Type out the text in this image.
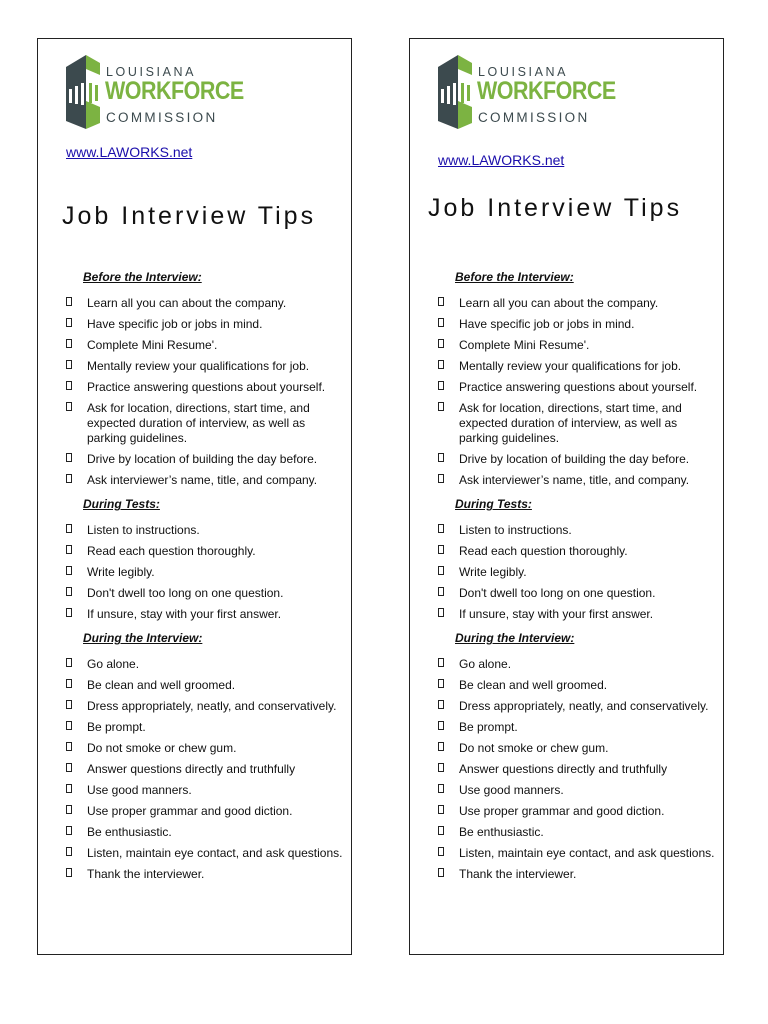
LOUISIANA
WORKFORCE
COMMISSION
www.LAWORKS.net
Job Interview Tips
Before the Interview:
Learn all you can about the company.
Have specific job or jobs in mind.
Complete Mini Resume'.
Mentally review your qualifications for job.
Practice answering questions about yourself.
Ask for location, directions, start time, and expected duration of interview, as well as parking guidelines.
Drive by location of building the day before.
Ask interviewer’s name, title, and company.
During Tests:
Listen to instructions.
Read each question thoroughly.
Write legibly.
Don't dwell too long on one question.
If unsure, stay with your first answer.
During the Interview:
Go alone.
Be clean and well groomed.
Dress appropriately, neatly, and conservatively.
Be prompt.
Do not smoke or chew gum.
Answer questions directly and truthfully
Use good manners.
Use proper grammar and good diction.
Be enthusiastic.
Listen, maintain eye contact, and ask questions.
Thank the interviewer.
LOUISIANA
WORKFORCE
COMMISSION
www.LAWORKS.net
Job Interview Tips
Before the Interview:
Learn all you can about the company.
Have specific job or jobs in mind.
Complete Mini Resume'.
Mentally review your qualifications for job.
Practice answering questions about yourself.
Ask for location, directions, start time, and expected duration of interview, as well as parking guidelines.
Drive by location of building the day before.
Ask interviewer’s name, title, and company.
During Tests:
Listen to instructions.
Read each question thoroughly.
Write legibly.
Don't dwell too long on one question.
If unsure, stay with your first answer.
During the Interview:
Go alone.
Be clean and well groomed.
Dress appropriately, neatly, and conservatively.
Be prompt.
Do not smoke or chew gum.
Answer questions directly and truthfully
Use good manners.
Use proper grammar and good diction.
Be enthusiastic.
Listen, maintain eye contact, and ask questions.
Thank the interviewer.
